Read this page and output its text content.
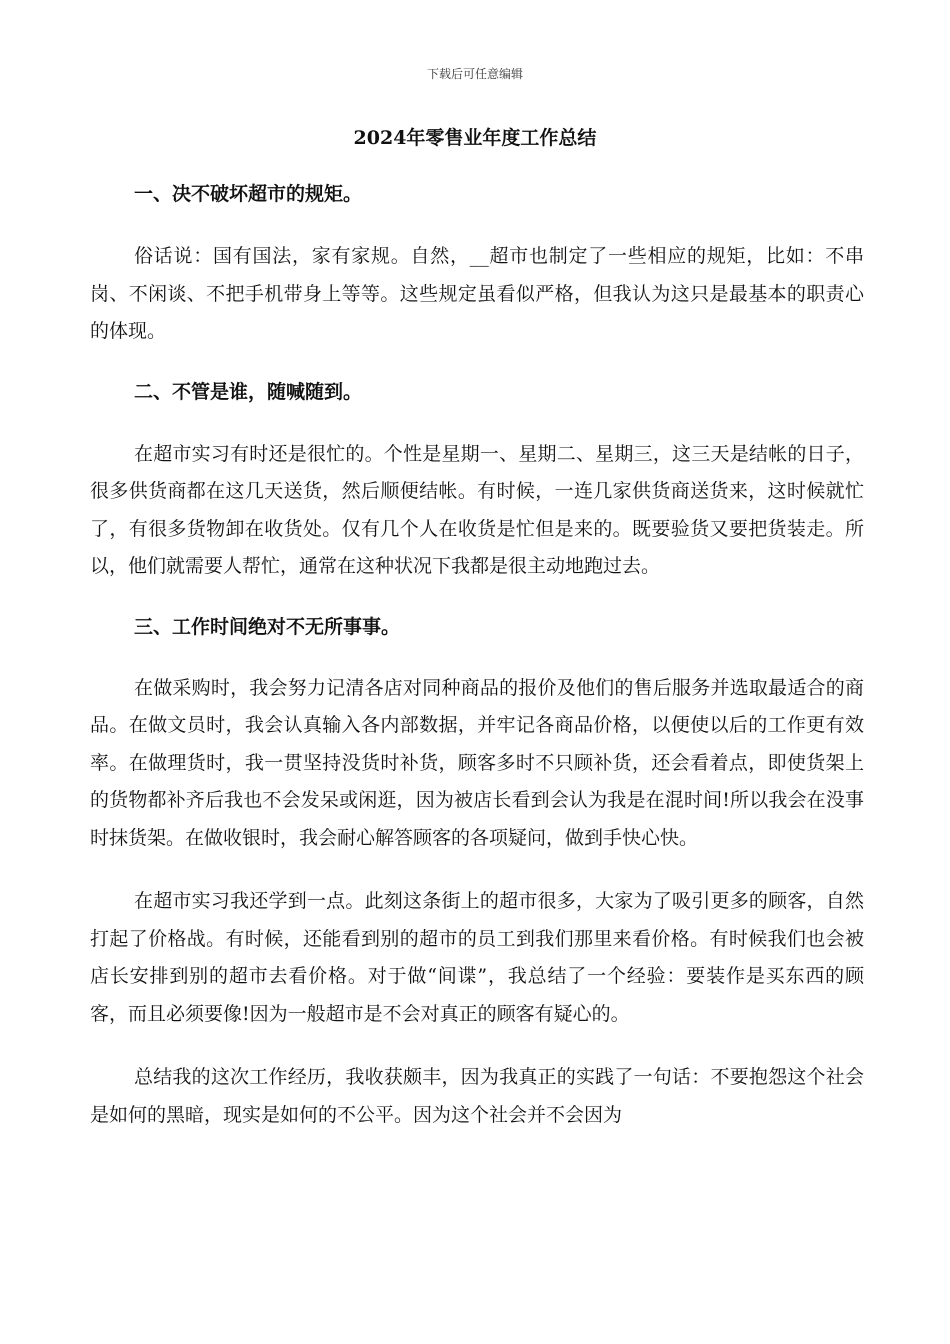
下载后可任意编辑
2024年零售业年度工作总结

一、决不破坏超市的规矩。

俗话说：国有国法，家有家规。自然，__超市也制定了一些相应的规矩，比如：不串岗、不闲谈、不把手机带身上等等。这些规定虽看似严格，但我认为这只是最基本的职责心的体现。

二、不管是谁，随喊随到。

在超市实习有时还是很忙的。个性是星期一、星期二、星期三，这三天是结帐的日子，很多供货商都在这几天送货，然后顺便结帐。有时候，一连几家供货商送货来，这时候就忙了，有很多货物卸在收货处。仅有几个人在收货是忙但是来的。既要验货又要把货装走。所以，他们就需要人帮忙，通常在这种状况下我都是很主动地跑过去。

三、工作时间绝对不无所事事。

在做采购时，我会努力记清各店对同种商品的报价及他们的售后服务并选取最适合的商品。在做文员时，我会认真输入各内部数据，并牢记各商品价格，以便使以后的工作更有效率。在做理货时，我一贯坚持没货时补货，顾客多时不只顾补货，还会看着点，即使货架上的货物都补齐后我也不会发呆或闲逛，因为被店长看到会认为我是在混时间!所以我会在没事时抹货架。在做收银时，我会耐心解答顾客的各项疑问，做到手快心快。

在超市实习我还学到一点。此刻这条街上的超市很多，大家为了吸引更多的顾客，自然打起了价格战。有时候，还能看到别的超市的员工到我们那里来看价格。有时候我们也会被店长安排到别的超市去看价格。对于做“间谍”，我总结了一个经验：要装作是买东西的顾客，而且必须要像!因为一般超市是不会对真正的顾客有疑心的。

总结我的这次工作经历，我收获颇丰，因为我真正的实践了一句话：不要抱怨这个社会是如何的黑暗，现实是如何的不公平。因为这个社会并不会因为
